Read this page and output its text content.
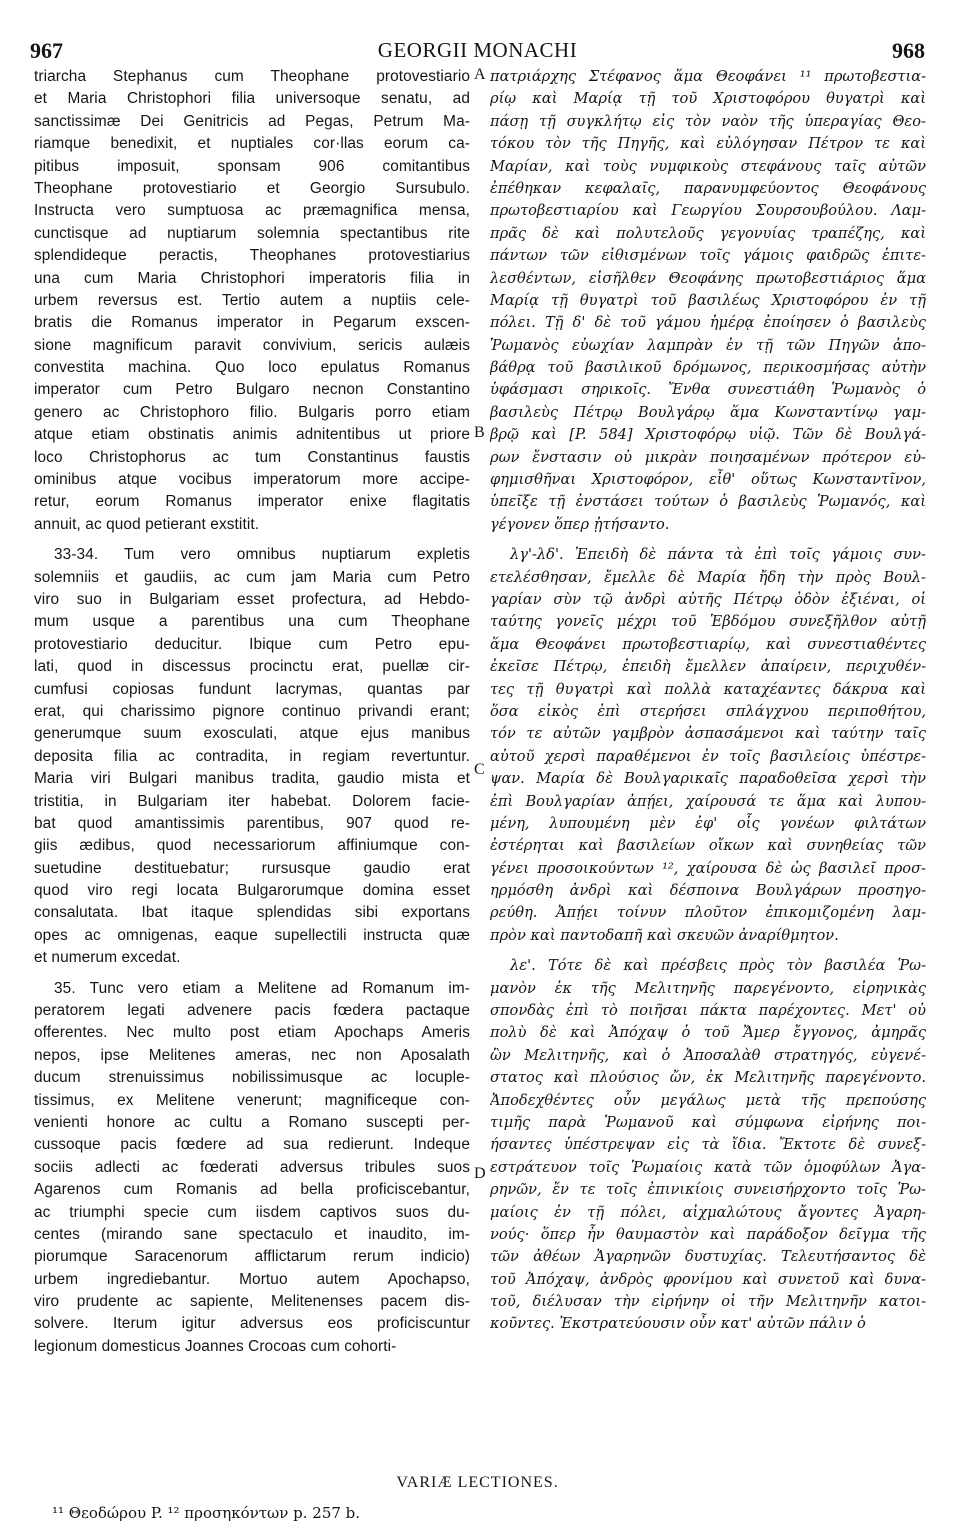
967	GEORGII MONACHI	968
triarcha Stephanus cum Theophane protovestiario
et Maria Christophori filia universoque senatu, ad
sanctissimæ Dei Genitricis ad Pegas, Petrum Ma-
riamque benedixit, et nuptiales cor·llas eorum ca-
pitibus imposuit, sponsam 906 comitantibus
Theophane protovestiario et Georgio Sursubulo.
Instructa vero sumptuosa ac præmagnifica mensa,
cunctisque ad nuptiarum solemnia spectantibus rite
splendideque peractis, Theophanes protovestiarius
una cum Maria Christophori imperatoris filia in
urbem reversus est. Tertio autem a nuptiis cele-
bratis die Romanus imperator in Pegarum exscen-
sione magnificum paravit convivium, sericis aulæis
convestita machina. Quo loco epulatus Romanus
imperator cum Petro Bulgaro necnon Constantino
genero ac Christophoro filio. Bulgaris porro etiam
atque etiam obstinatis animis adnitentibus ut priore
loco Christophorus ac tum Constantinus faustis
ominibus atque vocibus imperatorum more accipe-
retur, eorum Romanus imperator enixe flagitatis
annuit, ac quod petierant exstitit.
33-34. Tum vero omnibus nuptiarum expletis
solemniis et gaudiis, ac cum jam Maria cum Petro
viro suo in Bulgariam esset profectura, ad Hebdo-
mum usque a parentibus una cum Theophane
protovestiario deducitur. Ibique cum Petro epu-
lati, quod in discessus procinctu erat, puellæ cir-
cumfusi copiosas fundunt lacrymas, quantas par
erat, qui charissimo pignore continuo privandi erant;
generumque suum exosculati, atque ejus manibus
deposita filia ac contradita, in regiam revertuntur.
Maria viri Bulgari manibus tradita, gaudio mista et
tristitia, in Bulgariam iter habebat. Dolorem facie-
bat quod amantissimis parentibus, 907 quod re-
giis ædibus, quod necessariorum affiniumque con-
suetudine destituebatur; rursusque gaudio erat
quod viro regi locata Bulgarorumque domina esset
consalutata. Ibat itaque splendidas sibi exportans
opes ac omnigenas, eaque supellectili instructa quæ
et numerum excedat.
35. Tunc vero etiam a Melitene ad Romanum im-
peratorem legati advenere pacis fœdera pactaque
offerentes. Nec multo post etiam Apochaps Ameris
nepos, ipse Melitenes ameras, nec non Aposalath
ducum strenuissimus nobilissimusque ac locuple-
tissimus, ex Melitene venerunt; magnificeque con-
venienti honore ac cultu a Romano suscepti per-
cussoque pacis fœdere ad sua redierunt. Indeque
sociis adlecti ac fœderati adversus tribules suos
Agarenos cum Romanis ad bella proficiscebantur,
ac triumphi specie cum iisdem captivos suos du-
centes (mirando sane spectaculo et inaudito, im-
piorumque Saracenorum afflictarum rerum indicio)
urbem ingrediebantur. Mortuo autem Apochapso,
viro prudente ac sapiente, Melitenenses pacem dis-
solvere. Iterum igitur adversus eos proficiscuntur
legionum domesticus Joannes Crocoas cum cohorti-
πατριάρχης Στέφανος ἅμα Θεοφάνει ¹¹ πρωτοβεστια-
ρίῳ καὶ Μαρίᾳ τῇ τοῦ Χριστοφόρου θυγατρὶ καὶ
πάσῃ τῇ συγκλήτῳ εἰς τὸν ναὸν τῆς ὑπεραγίας Θεο-
τόκου τὸν τῆς Πηγῆς, καὶ εὐλόγησαν Πέτρον τε καὶ
Μαρίαν, καὶ τοὺς νυμφικοὺς στεφάνους ταῖς αὐτῶν
ἐπέθηκαν κεφαλαῖς, παρανυμφεύοντος Θεοφάνους
πρωτοβεστιαρίου καὶ Γεωργίου Σουρσουβούλου. Λαμ-
πρᾶς δὲ καὶ πολυτελοῦς γεγονυίας τραπέζης, καὶ
πάντων τῶν εἰθισμένων τοῖς γάμοις φαιδρῶς ἐπιτε-
λεσθέντων, εἰσῆλθεν Θεοφάνης πρωτοβεστιάριος ἅμα
Μαρίᾳ τῇ θυγατρὶ τοῦ βασιλέως Χριστοφόρου ἐν τῇ
πόλει. Τῇ δ' δὲ τοῦ γάμου ἡμέρᾳ ἐποίησεν ὁ βασιλεὺς
Ῥωμανὸς εὐωχίαν λαμπρὰν ἐν τῇ τῶν Πηγῶν ἀπο-
βάθρᾳ τοῦ βασιλικοῦ δρόμωνος, περικοσμήσας αὐτὴν
ὑφάσμασι σηρικοῖς. Ἔνθα συνεστιάθη Ῥωμανὸς ὁ
βασιλεὺς Πέτρῳ Βουλγάρῳ ἅμα Κωνσταντίνῳ γαμ-
βρῷ καὶ [P. 584] Χριστοφόρῳ υἱῷ. Τῶν δὲ Βουλγά-
ρων ἔνστασιν οὐ μικρὰν ποιησαμένων πρότερον εὐ-
φημισθῆναι Χριστοφόρον, εἶθ' οὕτως Κωνσταντῖνον,
ὑπεῖξε τῇ ἐνστάσει τούτων ὁ βασιλεὺς Ῥωμανός, καὶ
γέγονεν ὅπερ ᾐτήσαντο.
λγ'-λδ'. Ἐπειδὴ δὲ πάντα τὰ ἐπὶ τοῖς γάμοις συν-
ετελέσθησαν, ἔμελλε δὲ Μαρία ἤδη τὴν πρὸς Βουλ-
γαρίαν σὺν τῷ ἀνδρὶ αὐτῆς Πέτρῳ ὁδὸν ἐξιέναι, οἱ
ταύτης γονεῖς μέχρι τοῦ Ἑβδόμου συνεξῆλθον αὐτῇ
ἅμα Θεοφάνει πρωτοβεστιαρίῳ, καὶ συνεστιαθέντες
ἐκεῖσε Πέτρῳ, ἐπειδὴ ἔμελλεν ἀπαίρειν, περιχυθέν-
τες τῇ θυγατρὶ καὶ πολλὰ καταχέαντες δάκρυα καὶ
ὅσα εἰκὸς ἐπὶ στερήσει σπλάγχνου περιποθήτου,
τόν τε αὐτῶν γαμβρὸν ἀσπασάμενοι καὶ ταύτην ταῖς
αὐτοῦ χερσὶ παραθέμενοι ἐν τοῖς βασιλείοις ὑπέστρε-
ψαν. Μαρία δὲ Βουλγαρικαῖς παραδοθεῖσα χερσὶ τὴν
ἐπὶ Βουλγαρίαν ἀπῄει, χαίρουσά τε ἅμα καὶ λυπου-
μένη, λυπουμένη μὲν ἐφ' οἷς γονέων φιλτάτων
ἐστέρηται καὶ βασιλείων οἴκων καὶ συνηθείας τῶν
γένει προσοικούντων ¹², χαίρουσα δὲ ὡς βασιλεῖ προσ-
ηρμόσθη ἀνδρὶ καὶ δέσποινα Βουλγάρων προσηγο-
ρεύθη. Ἀπῄει τοίνυν πλοῦτον ἐπικομιζομένη λαμ-
πρὸν καὶ παντοδαπῆ καὶ σκευῶν ἀναρίθμητον.
λε'. Τότε δὲ καὶ πρέσβεις πρὸς τὸν βασιλέα Ῥω-
μανὸν ἐκ τῆς Μελιτηνῆς παρεγένοντο, εἰρηνικὰς
σπονδὰς ἐπὶ τὸ ποιῆσαι πάκτα παρέχοντες. Μετ' οὐ
πολὺ δὲ καὶ Ἀπόχαψ ὁ τοῦ Ἄμερ ἔγγονος, ἀμηρᾶς
ὢν Μελιτηνῆς, καὶ ὁ Ἀποσαλὰθ στρατηγός, εὐγενέ-
στατος καὶ πλούσιος ὤν, ἐκ Μελιτηνῆς παρεγένοντο.
Ἀποδεχθέντες οὖν μεγάλως μετὰ τῆς πρεπούσης
τιμῆς παρὰ Ῥωμανοῦ καὶ σύμφωνα εἰρήνης ποι-
ήσαντες ὑπέστρεψαν εἰς τὰ ἴδια. Ἔκτοτε δὲ συνεξ-
εστράτευον τοῖς Ῥωμαίοις κατὰ τῶν ὁμοφύλων Ἀγα-
ρηνῶν, ἔν τε τοῖς ἐπινικίοις συνεισήρχοντο τοῖς Ῥω-
μαίοις ἐν τῇ πόλει, αἰχμαλώτους ἄγοντες Ἀγαρη-
νούς· ὅπερ ἦν θαυμαστὸν καὶ παράδοξον δεῖγμα τῆς
τῶν ἀθέων Ἀγαρηνῶν δυστυχίας. Τελευτήσαντος δὲ
τοῦ Ἀπόχαψ, ἀνδρὸς φρονίμου καὶ συνετοῦ καὶ δυνα-
τοῦ, διέλυσαν τὴν εἰρήνην οἱ τῆν Μελιτηνῆν κατοι-
κοῦντες. Ἐκστρατεύουσιν οὖν κατ' αὐτῶν πάλιν ὁ
A
B
C
D
VARIÆ LECTIONES.
¹¹ Θεοδώρου P. ¹² προσηκόντων p. 257 b.
